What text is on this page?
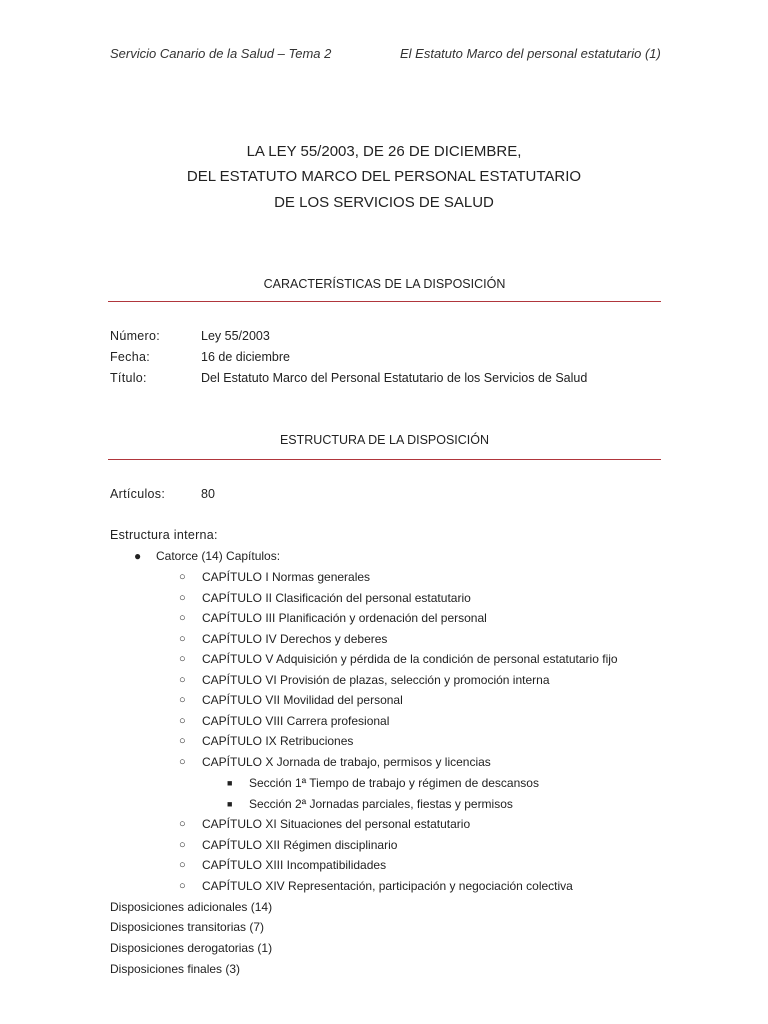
Servicio Canario de la Salud – Tema 2	El Estatuto Marco del personal estatutario (1)
LA LEY 55/2003, DE 26 DE DICIEMBRE,
DEL ESTATUTO MARCO DEL PERSONAL ESTATUTARIO
DE LOS SERVICIOS DE SALUD
CARACTERÍSTICAS DE LA DISPOSICIÓN
Número:	Ley 55/2003
Fecha:	16 de diciembre
Título:	Del Estatuto Marco del Personal Estatutario de los Servicios de Salud
ESTRUCTURA DE LA DISPOSICIÓN
Artículos:	80
Estructura interna:
● Catorce (14) Capítulos:
○ CAPÍTULO I Normas generales
○ CAPÍTULO II Clasificación del personal estatutario
○ CAPÍTULO III Planificación y ordenación del personal
○ CAPÍTULO IV Derechos y deberes
○ CAPÍTULO V Adquisición y pérdida de la condición de personal estatutario fijo
○ CAPÍTULO VI Provisión de plazas, selección y promoción interna
○ CAPÍTULO VII Movilidad del personal
○ CAPÍTULO VIII Carrera profesional
○ CAPÍTULO IX Retribuciones
○ CAPÍTULO X Jornada de trabajo, permisos y licencias
■ Sección 1ª Tiempo de trabajo y régimen de descansos
■ Sección 2ª Jornadas parciales, fiestas y permisos
○ CAPÍTULO XI Situaciones del personal estatutario
○ CAPÍTULO XII Régimen disciplinario
○ CAPÍTULO XIII Incompatibilidades
○ CAPÍTULO XIV Representación, participación y negociación colectiva
Disposiciones adicionales (14)
Disposiciones transitorias (7)
Disposiciones derogatorias (1)
Disposiciones finales (3)
